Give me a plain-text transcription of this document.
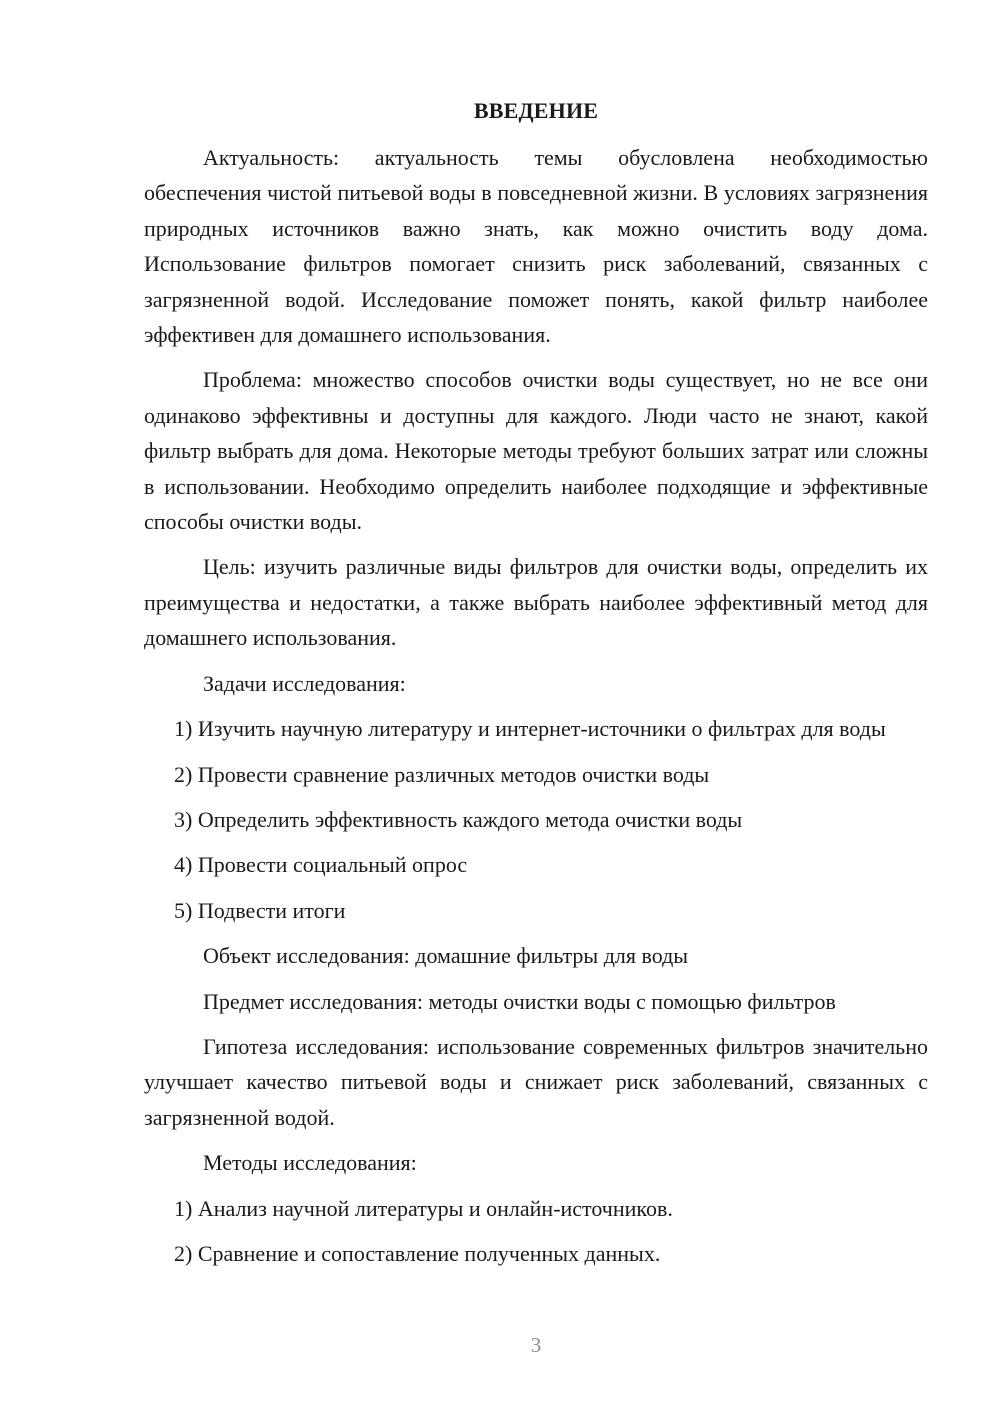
ВВЕДЕНИЕ

Актуальность: актуальность темы обусловлена необходимостью обеспечения чистой питьевой воды в повседневной жизни. В условиях загрязнения природных источников важно знать, как можно очистить воду дома. Использование фильтров помогает снизить риск заболеваний, связанных с загрязненной водой. Исследование поможет понять, какой фильтр наиболее эффективен для домашнего использования.

Проблема: множество способов очистки воды существует, но не все они одинаково эффективны и доступны для каждого. Люди часто не знают, какой фильтр выбрать для дома. Некоторые методы требуют больших затрат или сложны в использовании. Необходимо определить наиболее подходящие и эффективные способы очистки воды.

Цель: изучить различные виды фильтров для очистки воды, определить их преимущества и недостатки, а также выбрать наиболее эффективный метод для домашнего использования.

Задачи исследования:

1) Изучить научную литературу и интернет-источники о фильтрах для воды

2) Провести сравнение различных методов очистки воды

3) Определить эффективность каждого метода очистки воды

4) Провести социальный опрос

5) Подвести итоги

Объект исследования: домашние фильтры для воды

Предмет исследования: методы очистки воды с помощью фильтров

Гипотеза исследования: использование современных фильтров значительно улучшает качество питьевой воды и снижает риск заболеваний, связанных с загрязненной водой.

Методы исследования:

1) Анализ научной литературы и онлайн-источников.

2) Сравнение и сопоставление полученных данных.

3
